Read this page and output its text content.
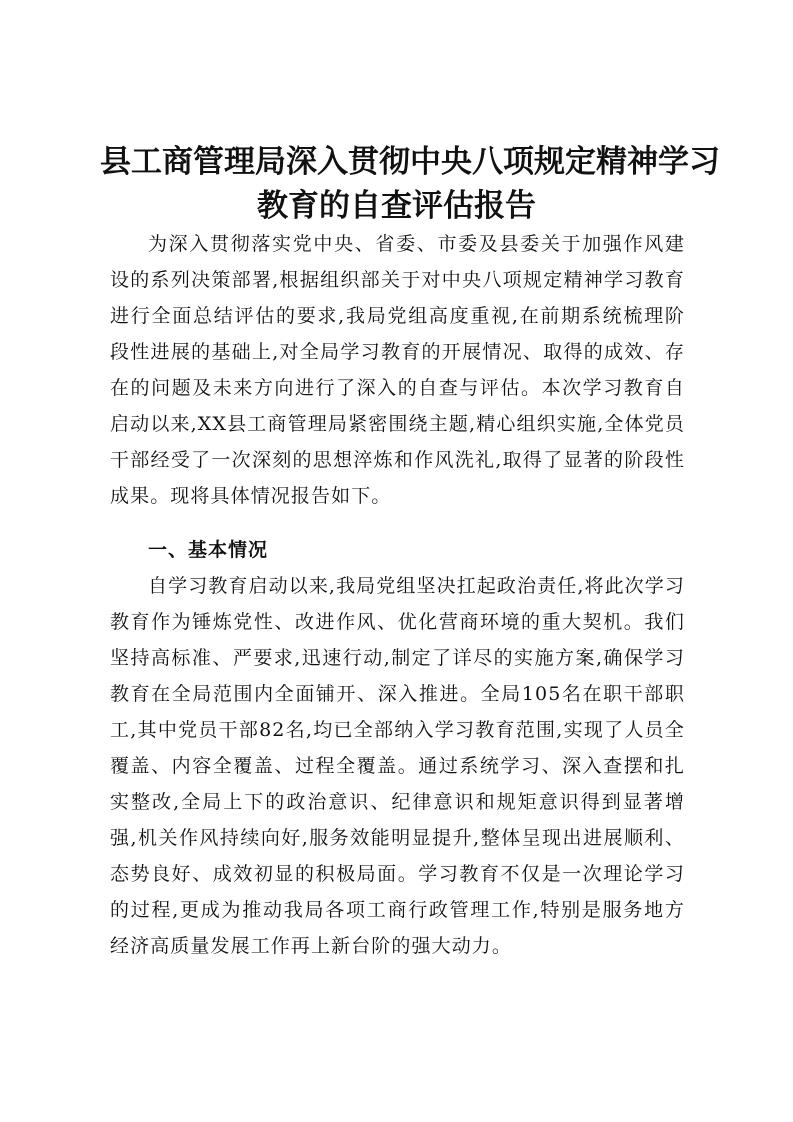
县工商管理局深入贯彻中央八项规定精神学习
教育的自查评估报告

为深入贯彻落实党中央、省委、市委及县委关于加强作风建设的系列决策部署,根据组织部关于对中央八项规定精神学习教育进行全面总结评估的要求,我局党组高度重视,在前期系统梳理阶段性进展的基础上,对全局学习教育的开展情况、取得的成效、存在的问题及未来方向进行了深入的自查与评估。本次学习教育自启动以来,XX县工商管理局紧密围绕主题,精心组织实施,全体党员干部经受了一次深刻的思想淬炼和作风洗礼,取得了显著的阶段性成果。现将具体情况报告如下。

一、基本情况

自学习教育启动以来,我局党组坚决扛起政治责任,将此次学习教育作为锤炼党性、改进作风、优化营商环境的重大契机。我们坚持高标准、严要求,迅速行动,制定了详尽的实施方案,确保学习教育在全局范围内全面铺开、深入推进。全局105名在职干部职工,其中党员干部82名,均已全部纳入学习教育范围,实现了人员全覆盖、内容全覆盖、过程全覆盖。通过系统学习、深入查摆和扎实整改,全局上下的政治意识、纪律意识和规矩意识得到显著增强,机关作风持续向好,服务效能明显提升,整体呈现出进展顺利、态势良好、成效初显的积极局面。学习教育不仅是一次理论学习的过程,更成为推动我局各项工商行政管理工作,特别是服务地方经济高质量发展工作再上新台阶的强大动力。
